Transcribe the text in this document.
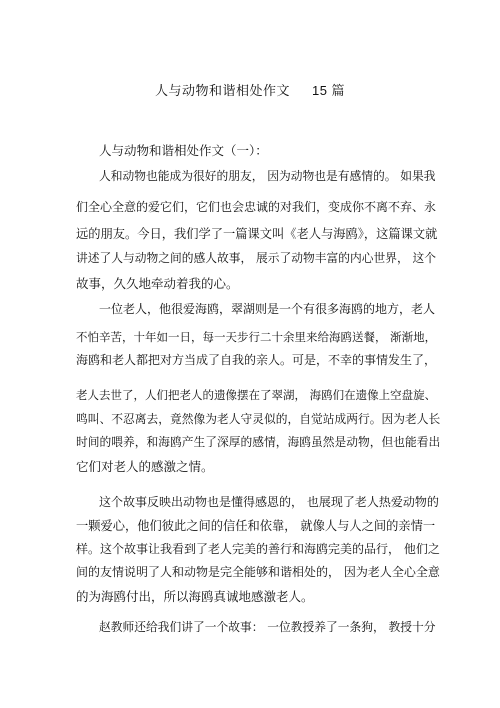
人与动物和谐相处作文 15 篇
人与动物和谐相处作文（一）：
人和动物也能成为很好的朋友， 因为动物也是有感情的。 如果我
们全心全意的爱它们，它们也会忠诚的对我们，变成你不离不弃、永
远的朋友。今日，我们学了一篇课文叫《老人与海鸥》，这篇课文就
讲述了人与动物之间的感人故事， 展示了动物丰富的内心世界， 这个
故事，久久地牵动着我的心。
一位老人，他很爱海鸥，翠湖则是一个有很多海鸥的地方，老人
不怕辛苦，十年如一日，每一天步行二十余里来给海鸥送餐， 渐渐地，
海鸥和老人都把对方当成了自我的亲人。可是，不幸的事情发生了，
老人去世了，人们把老人的遗像摆在了翠湖， 海鸥们在遗像上空盘旋、
鸣叫、不忍离去，竟然像为老人守灵似的，自觉站成两行。因为老人长
时间的喂养，和海鸥产生了深厚的感情，海鸥虽然是动物，但也能看出
它们对老人的感激之情。
这个故事反映出动物也是懂得感恩的， 也展现了老人热爱动物的
一颗爱心，他们彼此之间的信任和依靠， 就像人与人之间的亲情一
样。这个故事让我看到了老人完美的善行和海鸥完美的品行， 他们之
间的友情说明了人和动物是完全能够和谐相处的， 因为老人全心全意
的为海鸥付出，所以海鸥真诚地感激老人。
赵教师还给我们讲了一个故事： 一位教授养了一条狗， 教授十分
